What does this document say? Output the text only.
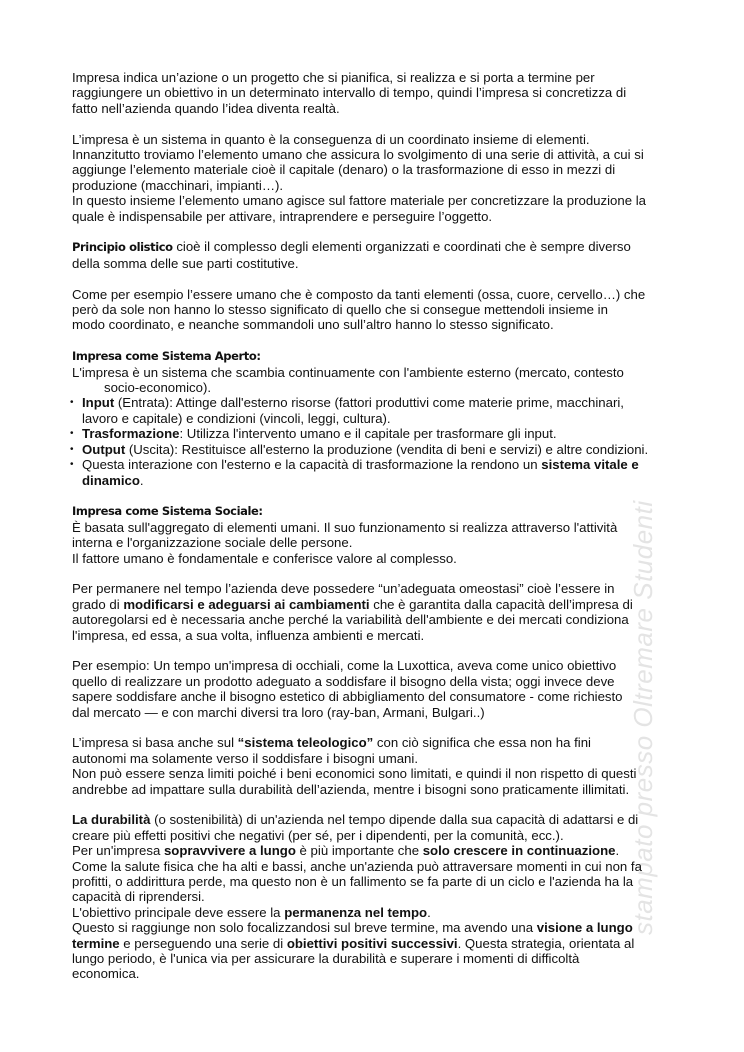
stampato presso Oltremare Studenti
Impresa indica un’azione o un progetto che si pianifica, si realizza e si porta a termine per
raggiungere un obiettivo in un determinato intervallo di tempo, quindi l’impresa si concretizza di
fatto nell’azienda quando l’idea diventa realtà.
L’impresa è un sistema in quanto è la conseguenza di un coordinato insieme di elementi.
Innanzitutto troviamo l’elemento umano che assicura lo svolgimento di una serie di attività, a cui si
aggiunge l’elemento materiale cioè il capitale (denaro) o la trasformazione di esso in mezzi di
produzione (macchinari, impianti…).
In questo insieme l’elemento umano agisce sul fattore materiale per concretizzare la produzione la
quale è indispensabile per attivare, intraprendere e perseguire l’oggetto.
Principio olistico cioè il complesso degli elementi organizzati e coordinati che è sempre diverso
della somma delle sue parti costitutive.
Come per esempio l’essere umano che è composto da tanti elementi (ossa, cuore, cervello…) che
però da sole non hanno lo stesso significato di quello che si consegue mettendoli insieme in
modo coordinato, e neanche sommandoli uno sull’altro hanno lo stesso significato.
Impresa come Sistema Aperto:
L'impresa è un sistema che scambia continuamente con l'ambiente esterno (mercato, contesto
socio-economico).
• Input (Entrata): Attinge dall'esterno risorse (fattori produttivi come materie prime, macchinari,
lavoro e capitale) e condizioni (vincoli, leggi, cultura).
• Trasformazione: Utilizza l'intervento umano e il capitale per trasformare gli input.
• Output (Uscita): Restituisce all'esterno la produzione (vendita di beni e servizi) e altre condizioni.
• Questa interazione con l'esterno e la capacità di trasformazione la rendono un sistema vitale e
dinamico.
Impresa come Sistema Sociale:
È basata sull'aggregato di elementi umani. Il suo funzionamento si realizza attraverso l'attività
interna e l'organizzazione sociale delle persone.
Il fattore umano è fondamentale e conferisce valore al complesso.
Per permanere nel tempo l’azienda deve possedere “un’adeguata omeostasi” cioè l’essere in
grado di modificarsi e adeguarsi ai cambiamenti che è garantita dalla capacità dell’impresa di
autoregolarsi ed è necessaria anche perché la variabilità dell'ambiente e dei mercati condiziona
l'impresa, ed essa, a sua volta, influenza ambienti e mercati.
Per esempio: Un tempo un'impresa di occhiali, come la Luxottica, aveva come unico obiettivo
quello di realizzare un prodotto adeguato a soddisfare il bisogno della vista; oggi invece deve
sapere soddisfare anche il bisogno estetico di abbigliamento del consumatore - come richiesto
dal mercato — e con marchi diversi tra loro (ray-ban, Armani, Bulgari..)
L’impresa si basa anche sul “sistema teleologico” con ciò significa che essa non ha fini
autonomi ma solamente verso il soddisfare i bisogni umani.
Non può essere senza limiti poiché i beni economici sono limitati, e quindi il non rispetto di questi
andrebbe ad impattare sulla durabilità dell’azienda, mentre i bisogni sono praticamente illimitati.
La durabilità (o sostenibilità) di un'azienda nel tempo dipende dalla sua capacità di adattarsi e di
creare più effetti positivi che negativi (per sé, per i dipendenti, per la comunità, ecc.).
Per un'impresa sopravvivere a lungo è più importante che solo crescere in continuazione.
Come la salute fisica che ha alti e bassi, anche un'azienda può attraversare momenti in cui non fa
profitti, o addirittura perde, ma questo non è un fallimento se fa parte di un ciclo e l'azienda ha la
capacità di riprendersi.
L'obiettivo principale deve essere la permanenza nel tempo.
Questo si raggiunge non solo focalizzandosi sul breve termine, ma avendo una visione a lungo
termine e perseguendo una serie di obiettivi positivi successivi. Questa strategia, orientata al
lungo periodo, è l'unica via per assicurare la durabilità e superare i momenti di difficoltà
economica.
